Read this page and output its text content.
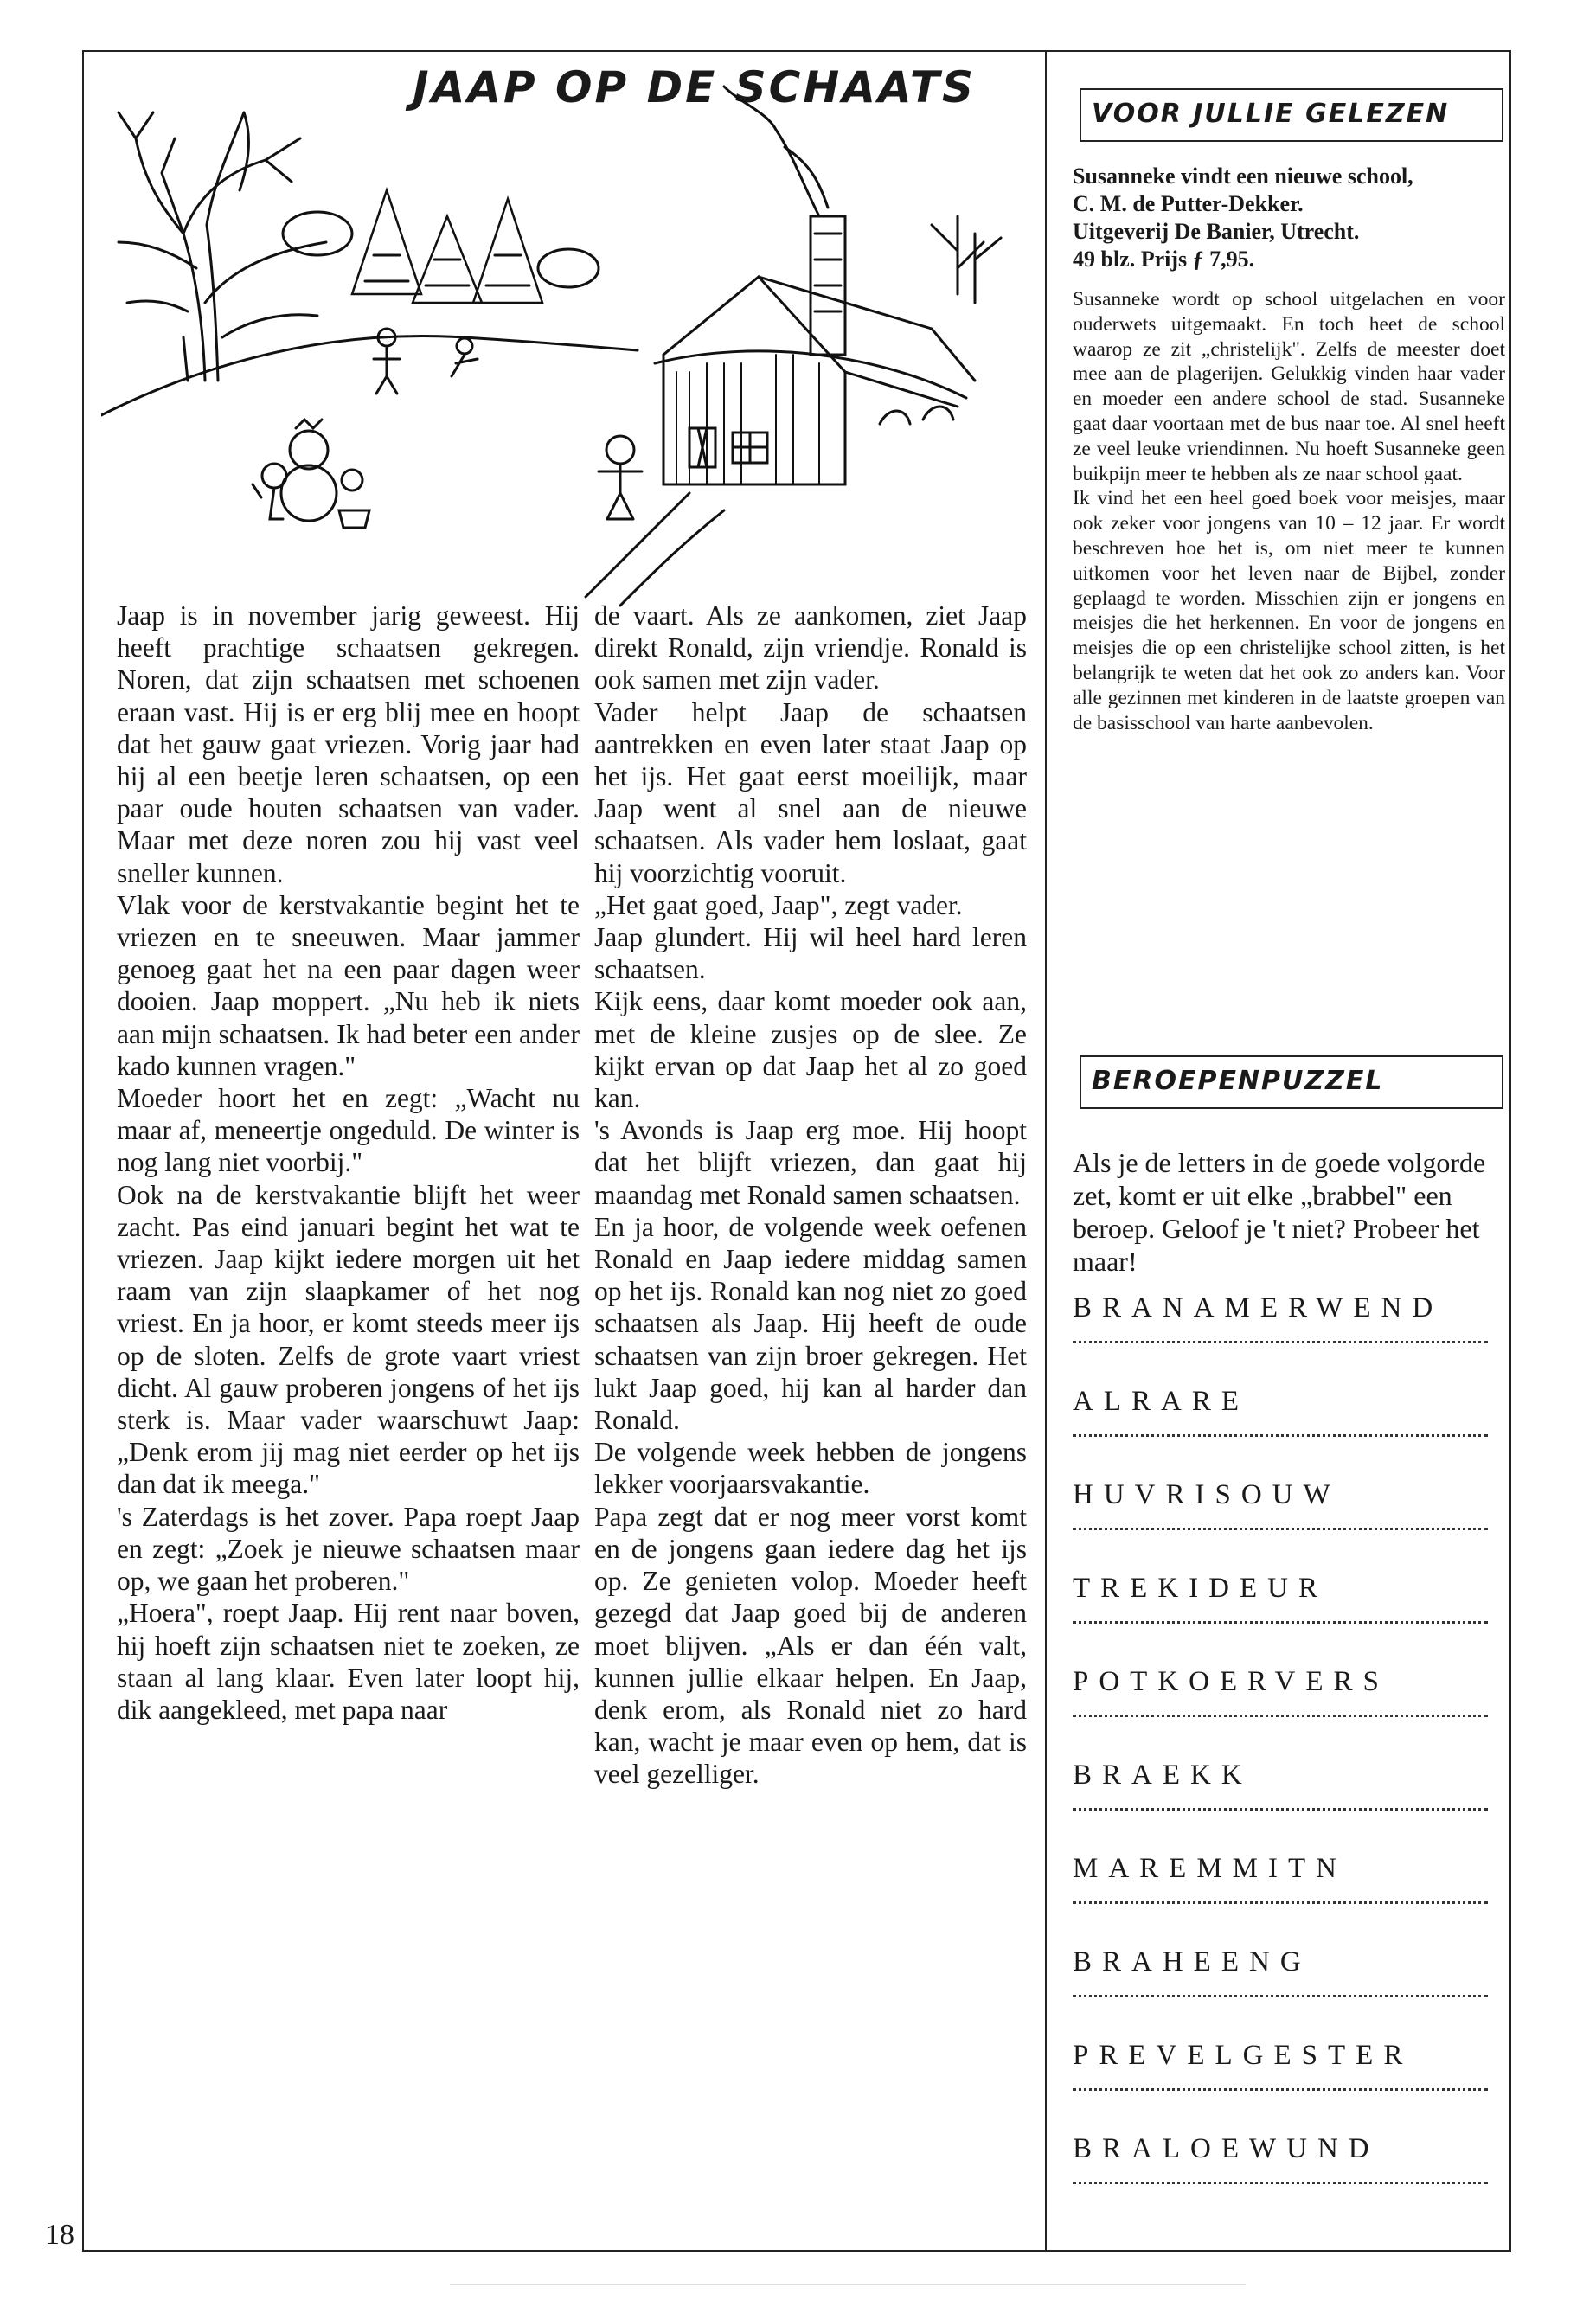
JAAP OP DE SCHAATS

Jaap is in november jarig geweest. Hij heeft prachtige schaatsen gekregen. Noren, dat zijn schaatsen met schoenen eraan vast. Hij is er erg blij mee en hoopt dat het gauw gaat vriezen. Vorig jaar had hij al een beetje leren schaatsen, op een paar oude houten schaatsen van vader. Maar met deze noren zou hij vast veel sneller kunnen.

Vlak voor de kerstvakantie begint het te vriezen en te sneeuwen. Maar jammer genoeg gaat het na een paar dagen weer dooien. Jaap moppert. „Nu heb ik niets aan mijn schaatsen. Ik had beter een ander kado kunnen vragen."

Moeder hoort het en zegt: „Wacht nu maar af, meneertje ongeduld. De winter is nog lang niet voorbij."

Ook na de kerstvakantie blijft het weer zacht. Pas eind januari begint het wat te vriezen. Jaap kijkt iedere morgen uit het raam van zijn slaapkamer of het nog vriest. En ja hoor, er komt steeds meer ijs op de sloten. Zelfs de grote vaart vriest dicht. Al gauw proberen jongens of het ijs sterk is. Maar vader waarschuwt Jaap: „Denk erom jij mag niet eerder op het ijs dan dat ik meega."

's Zaterdags is het zover. Papa roept Jaap en zegt: „Zoek je nieuwe schaatsen maar op, we gaan het proberen."

„Hoera", roept Jaap. Hij rent naar boven, hij hoeft zijn schaatsen niet te zoeken, ze staan al lang klaar. Even later loopt hij, dik aangekleed, met papa naar

de vaart. Als ze aankomen, ziet Jaap direkt Ronald, zijn vriendje. Ronald is ook samen met zijn vader.

Vader helpt Jaap de schaatsen aantrekken en even later staat Jaap op het ijs. Het gaat eerst moeilijk, maar Jaap went al snel aan de nieuwe schaatsen. Als vader hem loslaat, gaat hij voorzichtig vooruit.

„Het gaat goed, Jaap", zegt vader.

Jaap glundert. Hij wil heel hard leren schaatsen.

Kijk eens, daar komt moeder ook aan, met de kleine zusjes op de slee. Ze kijkt ervan op dat Jaap het al zo goed kan.

's Avonds is Jaap erg moe. Hij hoopt dat het blijft vriezen, dan gaat hij maandag met Ronald samen schaatsen.

En ja hoor, de volgende week oefenen Ronald en Jaap iedere middag samen op het ijs. Ronald kan nog niet zo goed schaatsen als Jaap. Hij heeft de oude schaatsen van zijn broer gekregen. Het lukt Jaap goed, hij kan al harder dan Ronald.

De volgende week hebben de jongens lekker voorjaarsvakantie.

Papa zegt dat er nog meer vorst komt en de jongens gaan iedere dag het ijs op. Ze genieten volop. Moeder heeft gezegd dat Jaap goed bij de anderen moet blijven. „Als er dan één valt, kunnen jullie elkaar helpen. En Jaap, denk erom, als Ronald niet zo hard kan, wacht je maar even op hem, dat is veel gezelliger.

VOOR JULLIE GELEZEN
Susanneke vindt een nieuwe school,
C. M. de Putter-Dekker.
Uitgeverij De Banier, Utrecht.
49 blz. Prijs ƒ 7,95.

Susanneke wordt op school uitgelachen en voor ouderwets uitgemaakt. En toch heet de school waarop ze zit „christelijk". Zelfs de meester doet mee aan de plagerijen. Gelukkig vinden haar vader en moeder een andere school de stad. Susanneke gaat daar voortaan met de bus naar toe. Al snel heeft ze veel leuke vriendinnen. Nu hoeft Susanneke geen buikpijn meer te hebben als ze naar school gaat.

Ik vind het een heel goed boek voor meisjes, maar ook zeker voor jongens van 10 – 12 jaar. Er wordt beschreven hoe het is, om niet meer te kunnen uitkomen voor het leven naar de Bijbel, zonder geplaagd te worden. Misschien zijn er jongens en meisjes die het herkennen. En voor de jongens en meisjes die op een christelijke school zitten, is het belangrijk te weten dat het ook zo anders kan. Voor alle gezinnen met kinderen in de laatste groepen van de basisschool van harte aanbevolen.

BEROEPENPUZZEL
Als je de letters in de goede volgorde zet, komt er uit elke „brabbel" een beroep. Geloof je 't niet? Probeer het maar!
BRANAMERWEND
ALRARE
HUVRISOUW
TREKIDEUR
POTKOERVERS
BRAEKK
MAREMMITN
BRAHEENG
PREVELGESTER
BRALOEWUND
18
